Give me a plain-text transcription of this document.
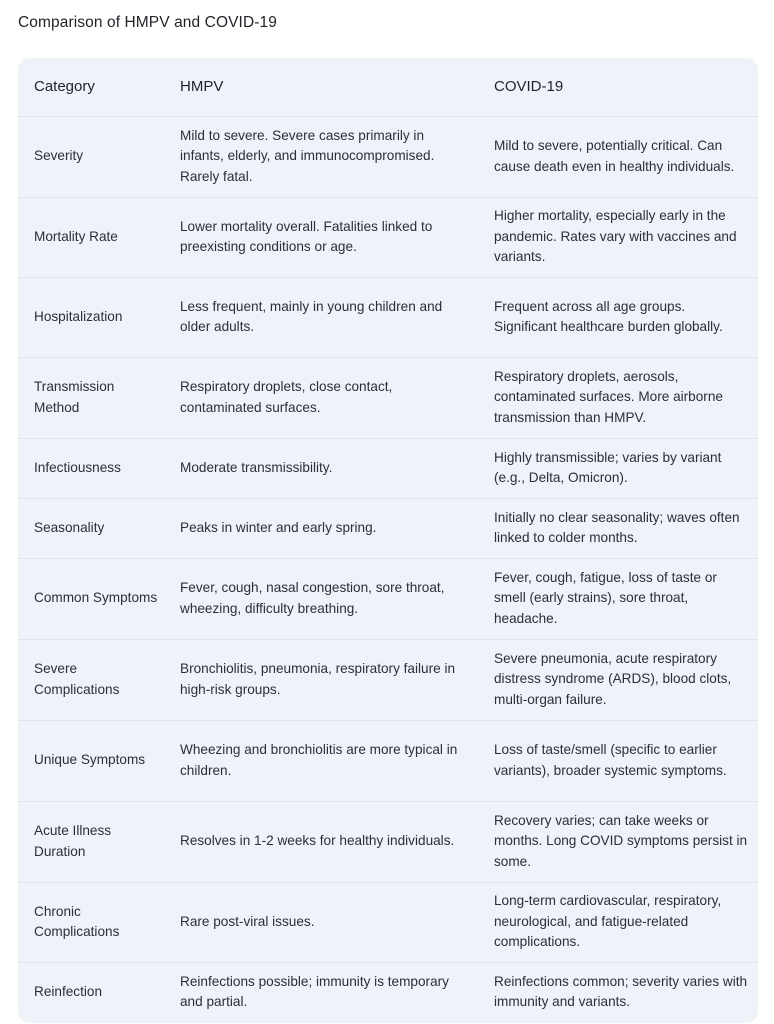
Comparison of HMPV and COVID-19
Category	HMPV	COVID-19
Severity	Mild to severe. Severe cases primarily in infants, elderly, and immunocompromised. Rarely fatal.	Mild to severe, potentially critical. Can cause death even in healthy individuals.
Mortality Rate	Lower mortality overall. Fatalities linked to preexisting conditions or age.	Higher mortality, especially early in the pandemic. Rates vary with vaccines and variants.
Hospitalization	Less frequent, mainly in young children and older adults.	Frequent across all age groups. Significant healthcare burden globally.
Transmission Method	Respiratory droplets, close contact, contaminated surfaces.	Respiratory droplets, aerosols, contaminated surfaces. More airborne transmission than HMPV.
Infectiousness	Moderate transmissibility.	Highly transmissible; varies by variant (e.g., Delta, Omicron).
Seasonality	Peaks in winter and early spring.	Initially no clear seasonality; waves often linked to colder months.
Common Symptoms	Fever, cough, nasal congestion, sore throat, wheezing, difficulty breathing.	Fever, cough, fatigue, loss of taste or smell (early strains), sore throat, headache.
Severe Complications	Bronchiolitis, pneumonia, respiratory failure in high-risk groups.	Severe pneumonia, acute respiratory distress syndrome (ARDS), blood clots, multi-organ failure.
Unique Symptoms	Wheezing and bronchiolitis are more typical in children.	Loss of taste/smell (specific to earlier variants), broader systemic symptoms.
Acute Illness Duration	Resolves in 1-2 weeks for healthy individuals.	Recovery varies; can take weeks or months. Long COVID symptoms persist in some.
Chronic Complications	Rare post-viral issues.	Long-term cardiovascular, respiratory, neurological, and fatigue-related complications.
Reinfection	Reinfections possible; immunity is temporary and partial.	Reinfections common; severity varies with immunity and variants.
